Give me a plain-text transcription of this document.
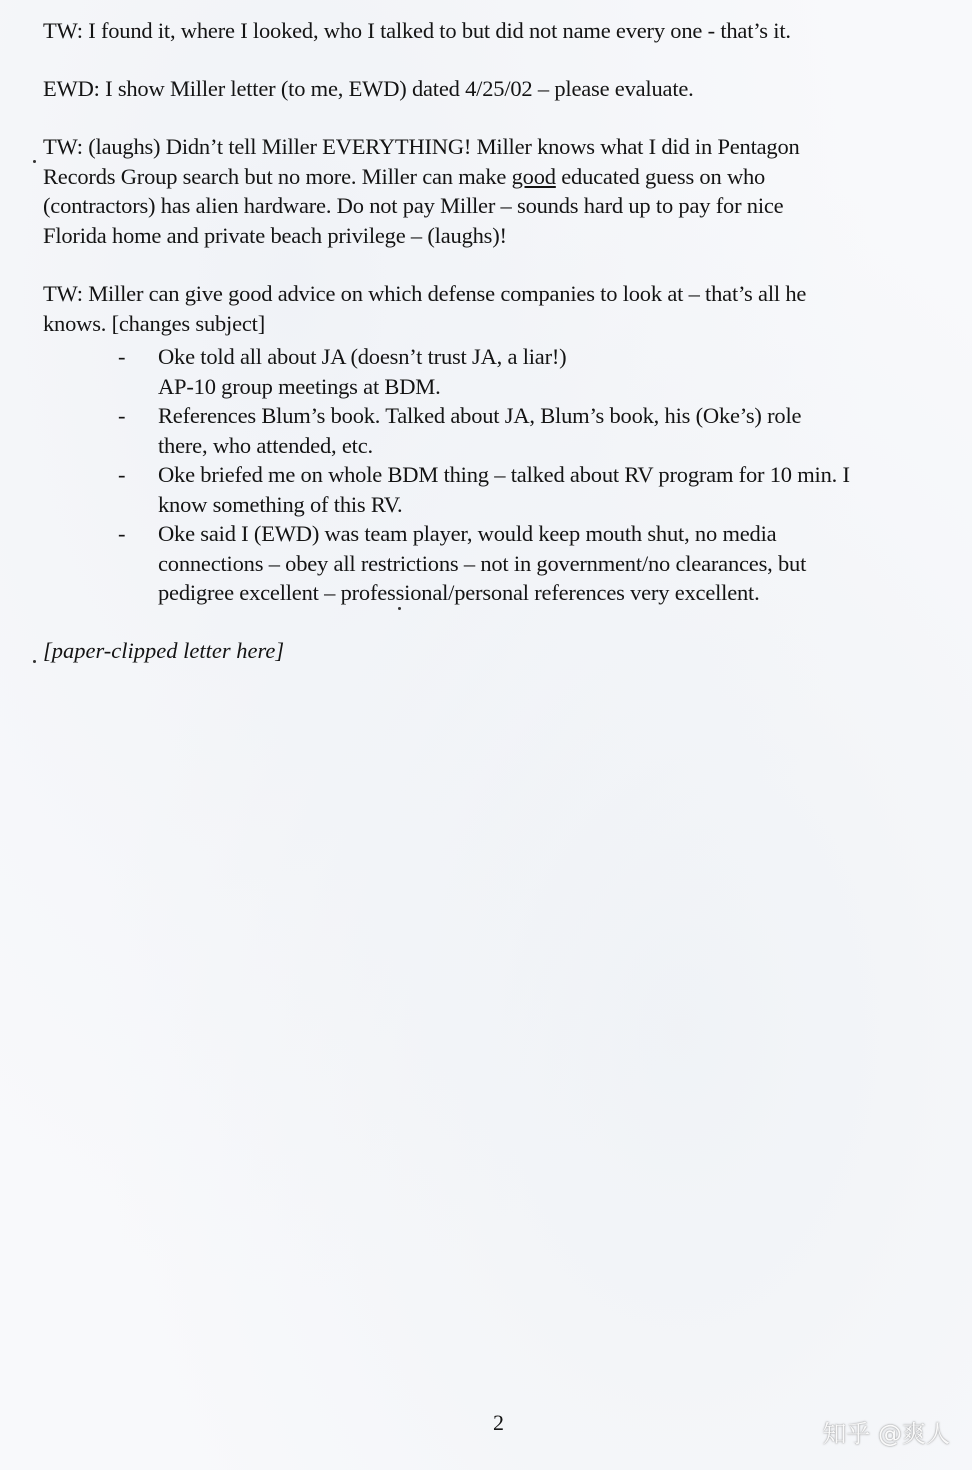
TW: I found it, where I looked, who I talked to but did not name every one - that’s it.

EWD: I show Miller letter (to me, EWD) dated 4/25/02 – please evaluate.

TW: (laughs) Didn’t tell Miller EVERYTHING! Miller knows what I did in Pentagon
Records Group search but no more. Miller can make good educated guess on who
(contractors) has alien hardware. Do not pay Miller – sounds hard up to pay for nice
Florida home and private beach privilege – (laughs)!

TW: Miller can give good advice on which defense companies to look at – that’s all he
knows. [changes subject]

-	Oke told all about JA (doesn’t trust JA, a liar!)
AP-10 group meetings at BDM.
-	References Blum’s book. Talked about JA, Blum’s book, his (Oke’s) role
there, who attended, etc.
-	Oke briefed me on whole BDM thing – talked about RV program for 10 min. I
know something of this RV.
-	Oke said I (EWD) was team player, would keep mouth shut, no media
connections – obey all restrictions – not in government/no clearances, but
pedigree excellent – professional/personal references very excellent.

[paper-clipped letter here]

2	知乎 @爽人
